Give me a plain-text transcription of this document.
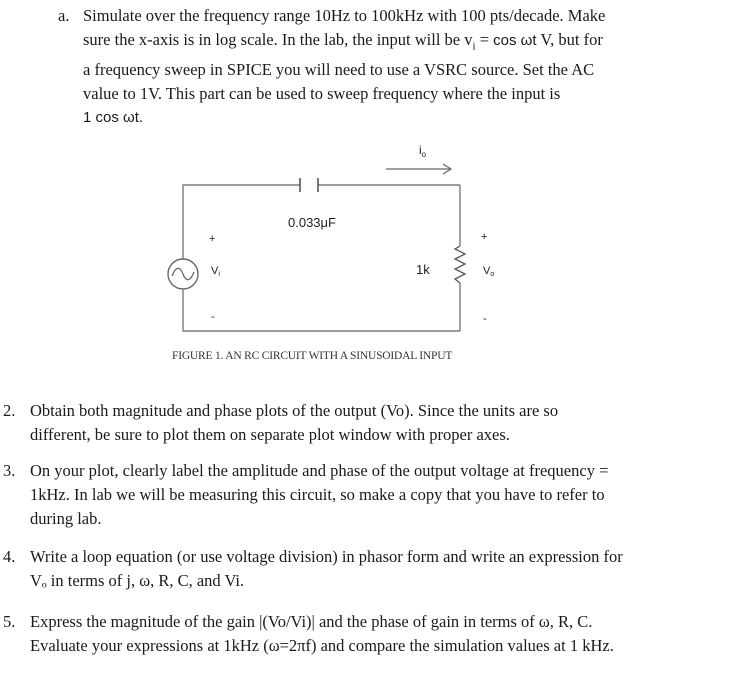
a. Simulate over the frequency range 10Hz to 100kHz with 100 pts/decade. Make
sure the x-axis is in log scale. In the lab, the input will be $v_i = \cos \omega t$ V, but for
a frequency sweep in SPICE you will need to use a VSRC source. Set the AC
value to 1V. This part can be used to sweep frequency where the input is
1 cos ωt.
0.033μF
1k
$i_o$
+
Vi
-
+
Vo
-
FIGURE 1. AN RC CIRCUIT WITH A SINUSOIDAL INPUT
2. Obtain both magnitude and phase plots of the output (Vo). Since the units are so
different, be sure to plot them on separate plot window with proper axes.
3. On your plot, clearly label the amplitude and phase of the output voltage at frequency =
1kHz. In lab we will be measuring this circuit, so make a copy that you have to refer to
during lab.
4. Write a loop equation (or use voltage division) in phasor form and write an expression for
Vₒ in terms of j, ω, R, C, and Vi.
5. Express the magnitude of the gain |(Vo/Vi)| and the phase of gain in terms of ω, R, C.
Evaluate your expressions at 1kHz (ω=2πf) and compare the simulation values at 1 kHz.
